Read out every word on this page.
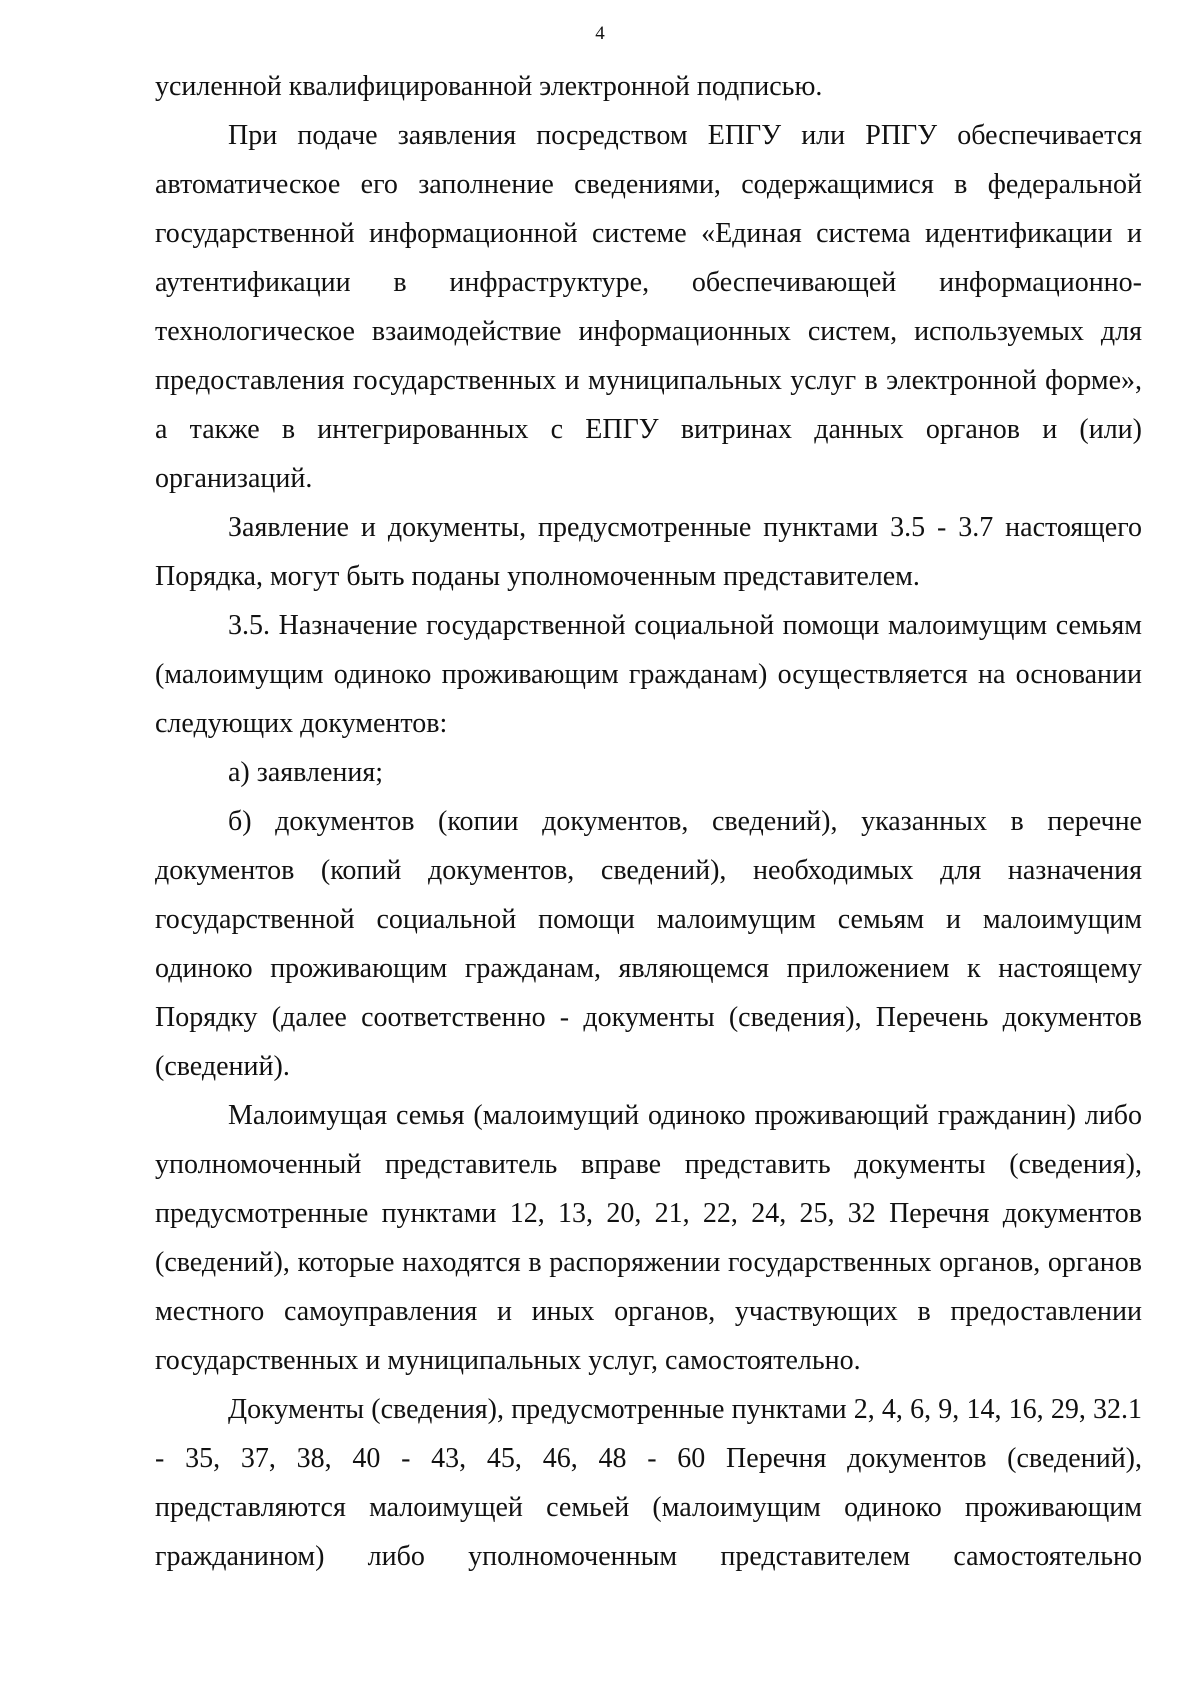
4

усиленной квалифицированной электронной подписью.

При подаче заявления посредством ЕПГУ или РПГУ обеспечивается автоматическое его заполнение сведениями, содержащимися в федеральной государственной информационной системе «Единая система идентификации и аутентификации в инфраструктуре, обеспечивающей информационно-технологическое взаимодействие информационных систем, используемых для предоставления государственных и муниципальных услуг в электронной форме», а также в интегрированных с ЕПГУ витринах данных органов и (или) организаций.

Заявление и документы, предусмотренные пунктами 3.5 - 3.7 настоящего Порядка, могут быть поданы уполномоченным представителем.

3.5. Назначение государственной социальной помощи малоимущим семьям (малоимущим одиноко проживающим гражданам) осуществляется на основании следующих документов:

а) заявления;

б) документов (копии документов, сведений), указанных в перечне документов (копий документов, сведений), необходимых для назначения государственной социальной помощи малоимущим семьям и малоимущим одиноко проживающим гражданам, являющемся приложением к настоящему Порядку (далее соответственно - документы (сведения), Перечень документов (сведений).

Малоимущая семья (малоимущий одиноко проживающий гражданин) либо уполномоченный представитель вправе представить документы (сведения), предусмотренные пунктами 12, 13, 20, 21, 22, 24, 25, 32 Перечня документов (сведений), которые находятся в распоряжении государственных органов, органов местного самоуправления и иных органов, участвующих в предоставлении государственных и муниципальных услуг, самостоятельно.

Документы (сведения), предусмотренные пунктами 2, 4, 6, 9, 14, 16, 29, 32.1 - 35, 37, 38, 40 - 43, 45, 46, 48 - 60 Перечня документов (сведений), представляются малоимущей семьей (малоимущим одиноко проживающим гражданином) либо уполномоченным представителем самостоятельно
